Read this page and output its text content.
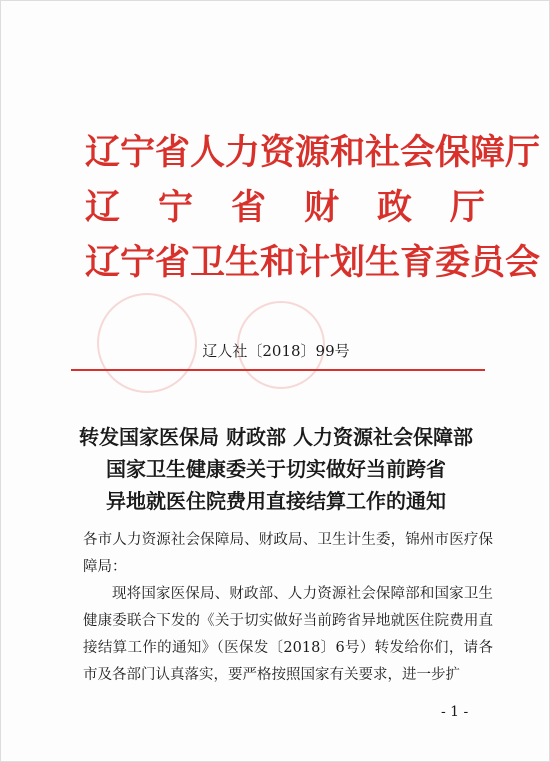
辽宁省人力资源和社会保障厅
辽 宁 省 财 政 厅
辽宁省卫生和计划生育委员会
辽人社〔2018〕99号
转发国家医保局 财政部 人力资源社会保障部
国家卫生健康委关于切实做好当前跨省
异地就医住院费用直接结算工作的通知

各市人力资源社会保障局、财政局、卫生计生委，锦州市医疗保障局：

现将国家医保局、财政部、人力资源社会保障部和国家卫生健康委联合下发的《关于切实做好当前跨省异地就医住院费用直接结算工作的通知》（医保发〔2018〕6号）转发给你们，请各市及各部门认真落实，要严格按照国家有关要求，进一步扩

- 1 -
